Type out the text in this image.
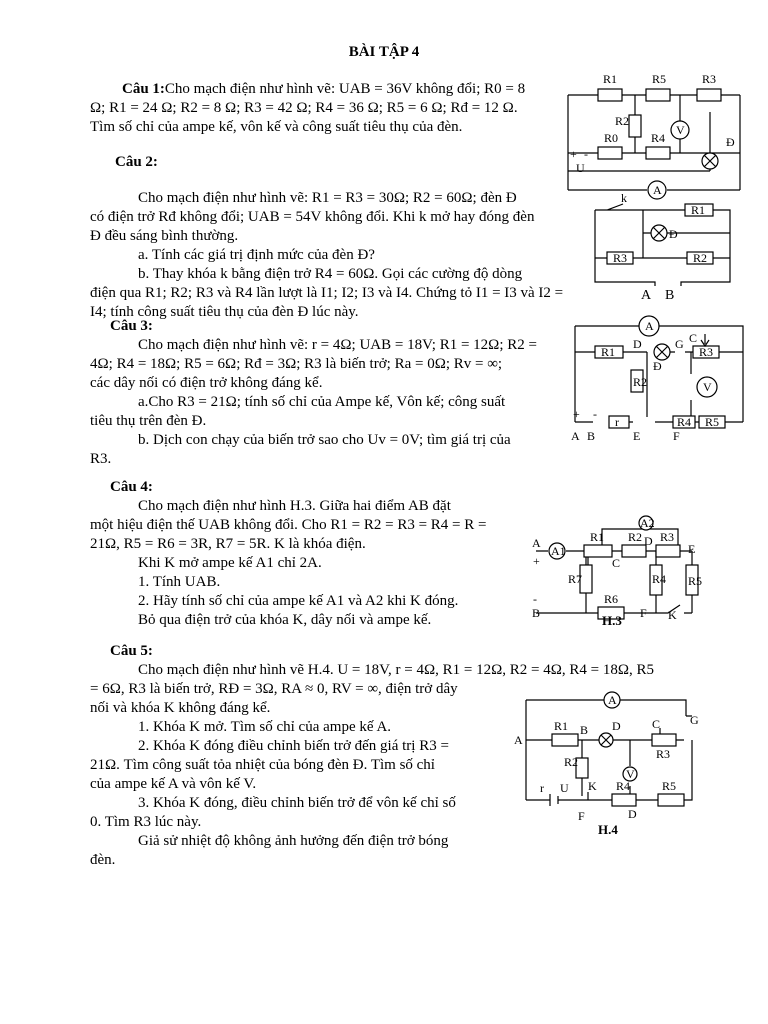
BÀI TẬP 4
Câu 1:Cho mạch điện như hình vẽ: UAB = 36V không đổi; R0 = 8
Ω; R1 = 24 Ω; R2 = 8 Ω; R3 = 42 Ω; R4 = 36 Ω; R5 = 6 Ω; Rđ = 12 Ω.
Tìm số chỉ của ampe kế, vôn kế và công suất tiêu thụ của đèn.
Câu 2:
Cho mạch điện như hình vẽ: R1 = R3 = 30Ω; R2 = 60Ω; đèn Đ
có điện trở Rđ không đổi; UAB = 54V không đổi. Khi k mở hay đóng đèn
Đ đều sáng bình thường.
a. Tính các giá trị định mức của đèn Đ?
b. Thay khóa k bằng điện trở R4 = 60Ω. Gọi các cường độ dòng
điện qua R1; R2; R3 và R4 lần lượt là I1; I2; I3 và I4. Chứng tỏ I1 = I3 và I2 =
I4; tính công suất tiêu thụ của đèn Đ lúc này.
Câu 3:
Cho mạch điện như hình vẽ: r = 4Ω; UAB = 18V; R1 = 12Ω; R2 =
4Ω; R4 = 18Ω; R5 = 6Ω; Rđ = 3Ω; R3 là biến trở; Ra = 0Ω; Rv = ∞;
các dây nối có điện trở không đáng kể.
a.Cho R3 = 21Ω; tính số chỉ của Ampe kế, Vôn kế; công suất
tiêu thụ trên đèn Đ.
b. Dịch con chạy của biến trở sao cho Uv = 0V; tìm giá trị của
R3.
Câu 4:
Cho mạch điện như hình H.3. Giữa hai điểm AB đặt
một hiệu điện thế UAB không đổi. Cho R1 = R2 = R3 = R4 = R =
21Ω, R5 = R6 = 3R, R7 = 5R. K là khóa điện.
Khi K mở ampe kế A1 chỉ 2A.
1. Tính UAB.
2. Hãy tính số chỉ của ampe kế A1 và A2 khi K đóng.
Bỏ qua điện trở của khóa K, dây nối và ampe kế.
Câu 5:
Cho mạch điện như hình vẽ H.4. U = 18V, r = 4Ω, R1 = 12Ω, R2 = 4Ω, R4 = 18Ω, R5
= 6Ω, R3 là biến trở, RĐ = 3Ω, RA ≈ 0, RV = ∞, điện trở dây
nối và khóa K không đáng kể.
1. Khóa K mở. Tìm số chỉ của ampe kế A.
2. Khóa K đóng điều chỉnh biến trở đến giá trị R3 =
21Ω. Tìm công suất tỏa nhiệt của bóng đèn Đ. Tìm số chỉ
của ampe kế A và vôn kế V.
3. Khóa K đóng, điều chỉnh biến trở để vôn kế chỉ số
0. Tìm R3 lúc này.
Giả sử nhiệt độ không ảnh hưởng đến điện trở bóng
đèn.
R1	R5	R3
R2
R0	R4
V
Đ
A
U
+ -
k
R1
Đ
R3	R2
A B
A
R1
D	G C
R3
Đ
R2	V
r	R4 R5
A B	E	F
+ -
A
+
A1
A2
R1 R2 R3
C
D
E
R7	R4 R5
R6
B
-
F K
H.3
A
A
R1 B D	C G
R3
R2
V
K
r U	R4	R5
F	D
H.4
